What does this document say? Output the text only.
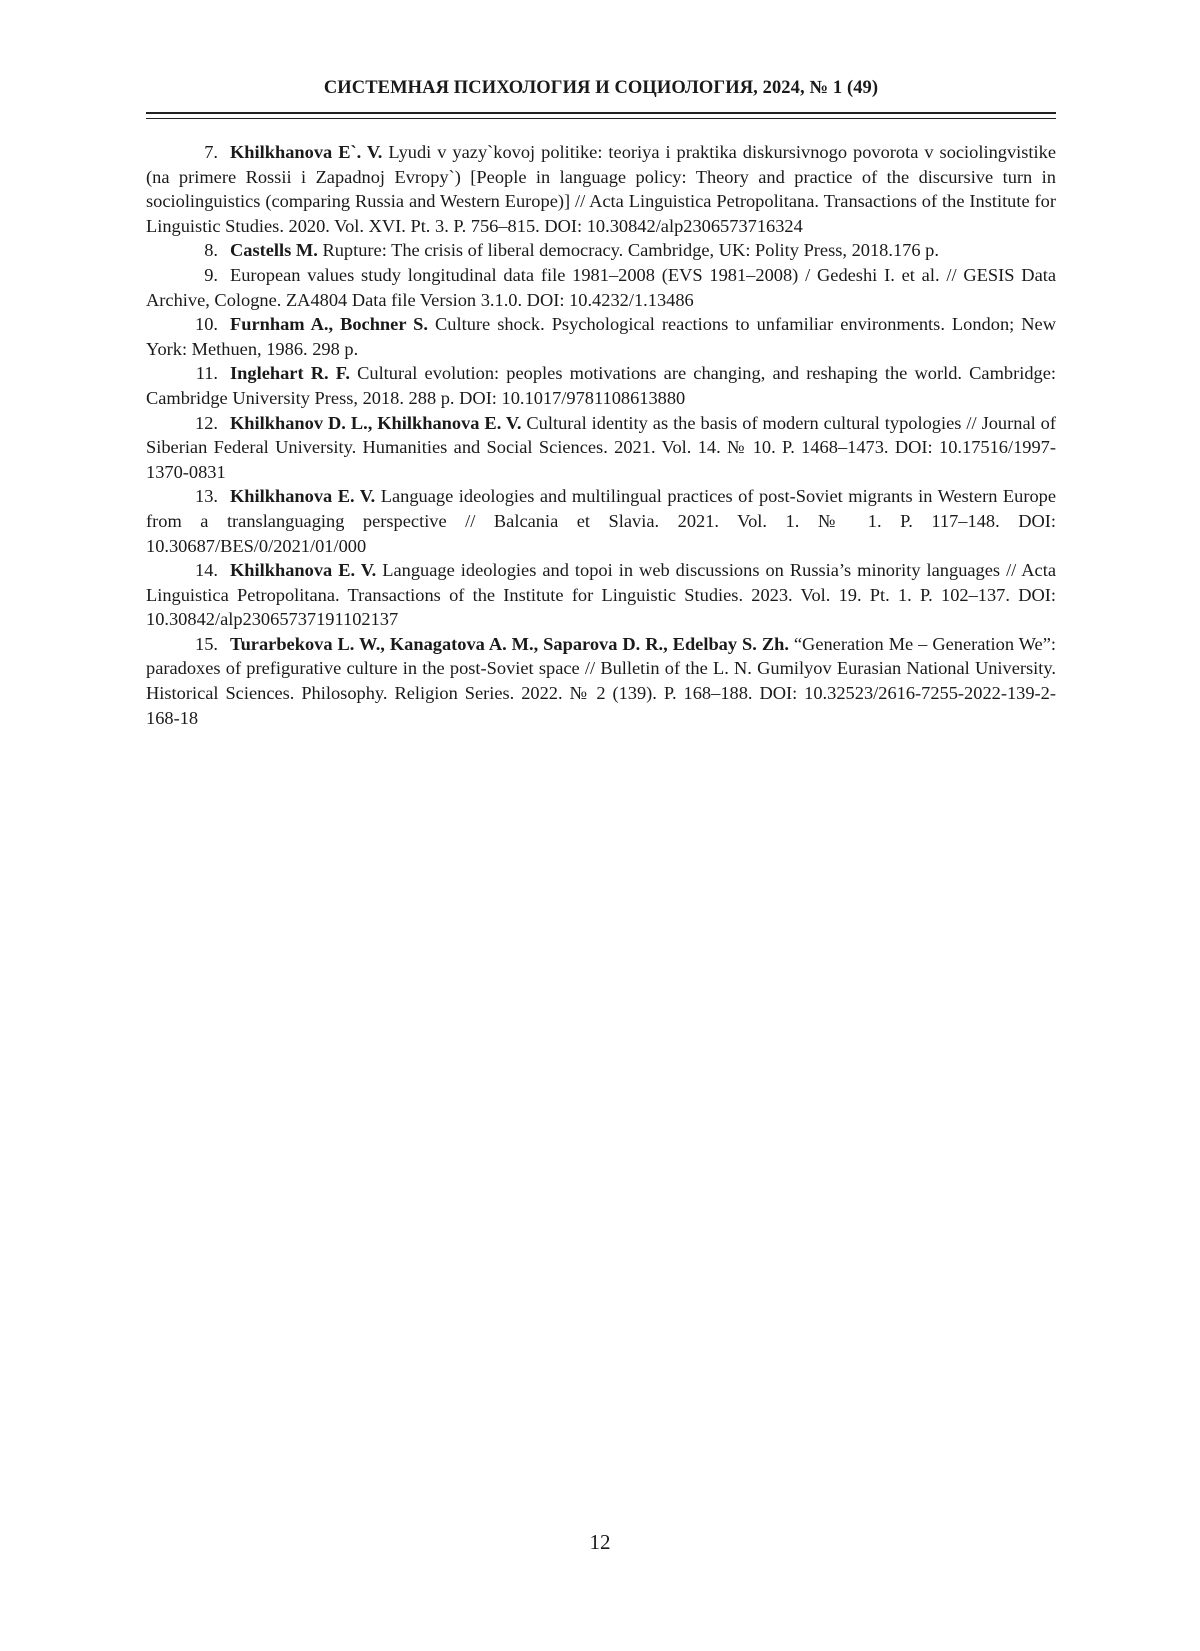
СИСТЕМНАЯ ПСИХОЛОГИЯ И СОЦИОЛОГИЯ, 2024, № 1 (49)

7. Khilkhanova E`. V. Lyudi v yazy`kovoj politike: teoriya i praktika diskursivnogo povorota v sociolingvistike (na primere Rossii i Zapadnoj Evropy`) [People in language policy: Theory and practice of the discursive turn in sociolinguistics (comparing Russia and Western Europe)] // Acta Linguistica Petropolitana. Transactions of the Institute for Linguistic Studies. 2020. Vol. XVI. Pt. 3. P. 756–815. DOI: 10.30842/alp2306573716324

8. Castells M. Rupture: The crisis of liberal democracy. Cambridge, UK: Polity Press, 2018.176 p.

9. European values study longitudinal data file 1981–2008 (EVS 1981–2008) / Gedeshi I. et al. // GESIS Data Archive, Cologne. ZA4804 Data file Version 3.1.0. DOI: 10.4232/1.13486

10. Furnham A., Bochner S. Culture shock. Psychological reactions to unfamiliar environments. London; New York: Methuen, 1986. 298 p.

11. Inglehart R. F. Cultural evolution: peoples motivations are changing, and reshaping the world. Cambridge: Cambridge University Press, 2018. 288 p. DOI: 10.1017/9781108613880

12. Khilkhanov D. L., Khilkhanova E. V. Cultural identity as the basis of modern cultural typologies // Journal of Siberian Federal University. Humanities and Social Sciences. 2021. Vol. 14. № 10. P. 1468–1473. DOI: 10.17516/1997-1370-0831

13. Khilkhanova E. V. Language ideologies and multilingual practices of post-Soviet migrants in Western Europe from a translanguaging perspective // Balcania et Slavia. 2021. Vol. 1. № 1. P. 117–148. DOI: 10.30687/BES/0/2021/01/000

14. Khilkhanova E. V. Language ideologies and topoi in web discussions on Russia’s minority languages // Acta Linguistica Petropolitana. Transactions of the Institute for Linguistic Studies. 2023. Vol. 19. Pt. 1. P. 102–137. DOI: 10.30842/alp23065737191102137

15. Turarbekova L. W., Kanagatova A. M., Saparova D. R., Edelbay S. Zh. “Generation Me – Generation We”: paradoxes of prefigurative culture in the post-Soviet space // Bulletin of the L. N. Gumilyov Eurasian National University. Historical Sciences. Philosophy. Religion Series. 2022. № 2 (139). P. 168–188. DOI: 10.32523/2616-7255-2022-139-2-168-18

12
